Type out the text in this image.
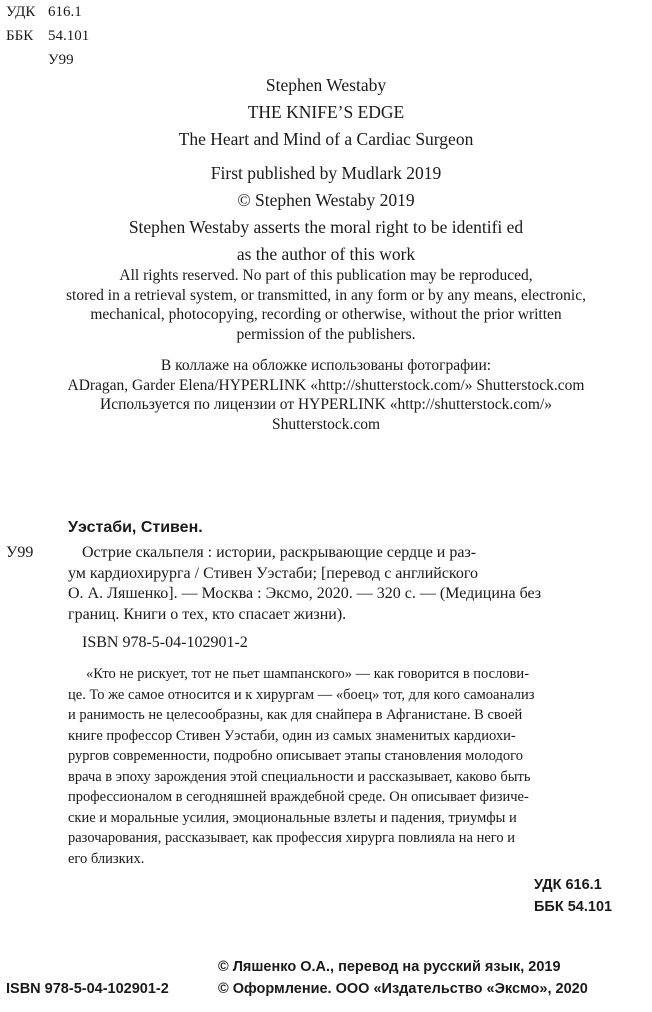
УДК 616.1
ББК 54.101
У99
Stephen Westaby
THE KNIFE’S EDGE
The Heart and Mind of a Cardiac Surgeon
First published by Mudlark 2019
© Stephen Westaby 2019
Stephen Westaby asserts the moral right to be identifi ed
as the author of this work
All rights reserved. No part of this publication may be reproduced,
stored in a retrieval system, or transmitted, in any form or by any means, electronic,
mechanical, photocopying, recording or otherwise, without the prior written
permission of the publishers.
В коллаже на обложке использованы фотографии:
ADragan, Garder Elena/HYPERLINK «http://shutterstock.com/» Shutterstock.com
Используется по лицензии от HYPERLINK «http://shutterstock.com/»
Shutterstock.com
Уэстаби, Стивен.
У99	Острие скальпеля : истории, раскрывающие сердце и раз-
ум кардиохирурга / Стивен Уэстаби; [перевод с английского
О. А. Ляшенко]. — Москва : Эксмо, 2020. — 320 с. — (Медицина без
границ. Книги о тех, кто спасает жизни).
ISBN 978-5-04-102901-2
«Кто не рискует, тот не пьет шампанского» — как говорится в послови-
це. То же самое относится и к хирургам — «боец» тот, для кого самоанализ
и ранимость не целесообразны, как для снайпера в Афганистане. В своей
книге профессор Стивен Уэстаби, один из самых знаменитых кардиохи-
рургов современности, подробно описывает этапы становления молодого
врача в эпоху зарождения этой специальности и рассказывает, каково быть
профессионалом в сегодняшней враждебной среде. Он описывает физиче-
ские и моральные усилия, эмоциональные взлеты и падения, триумфы и
разочарования, рассказывает, как профессия хирурга повлияла на него и
его близких.
УДК 616.1
ББК 54.101
© Ляшенко О.А., перевод на русский язык, 2019
© Оформление. ООО «Издательство «Эксмо», 2020
ISBN 978-5-04-102901-2
